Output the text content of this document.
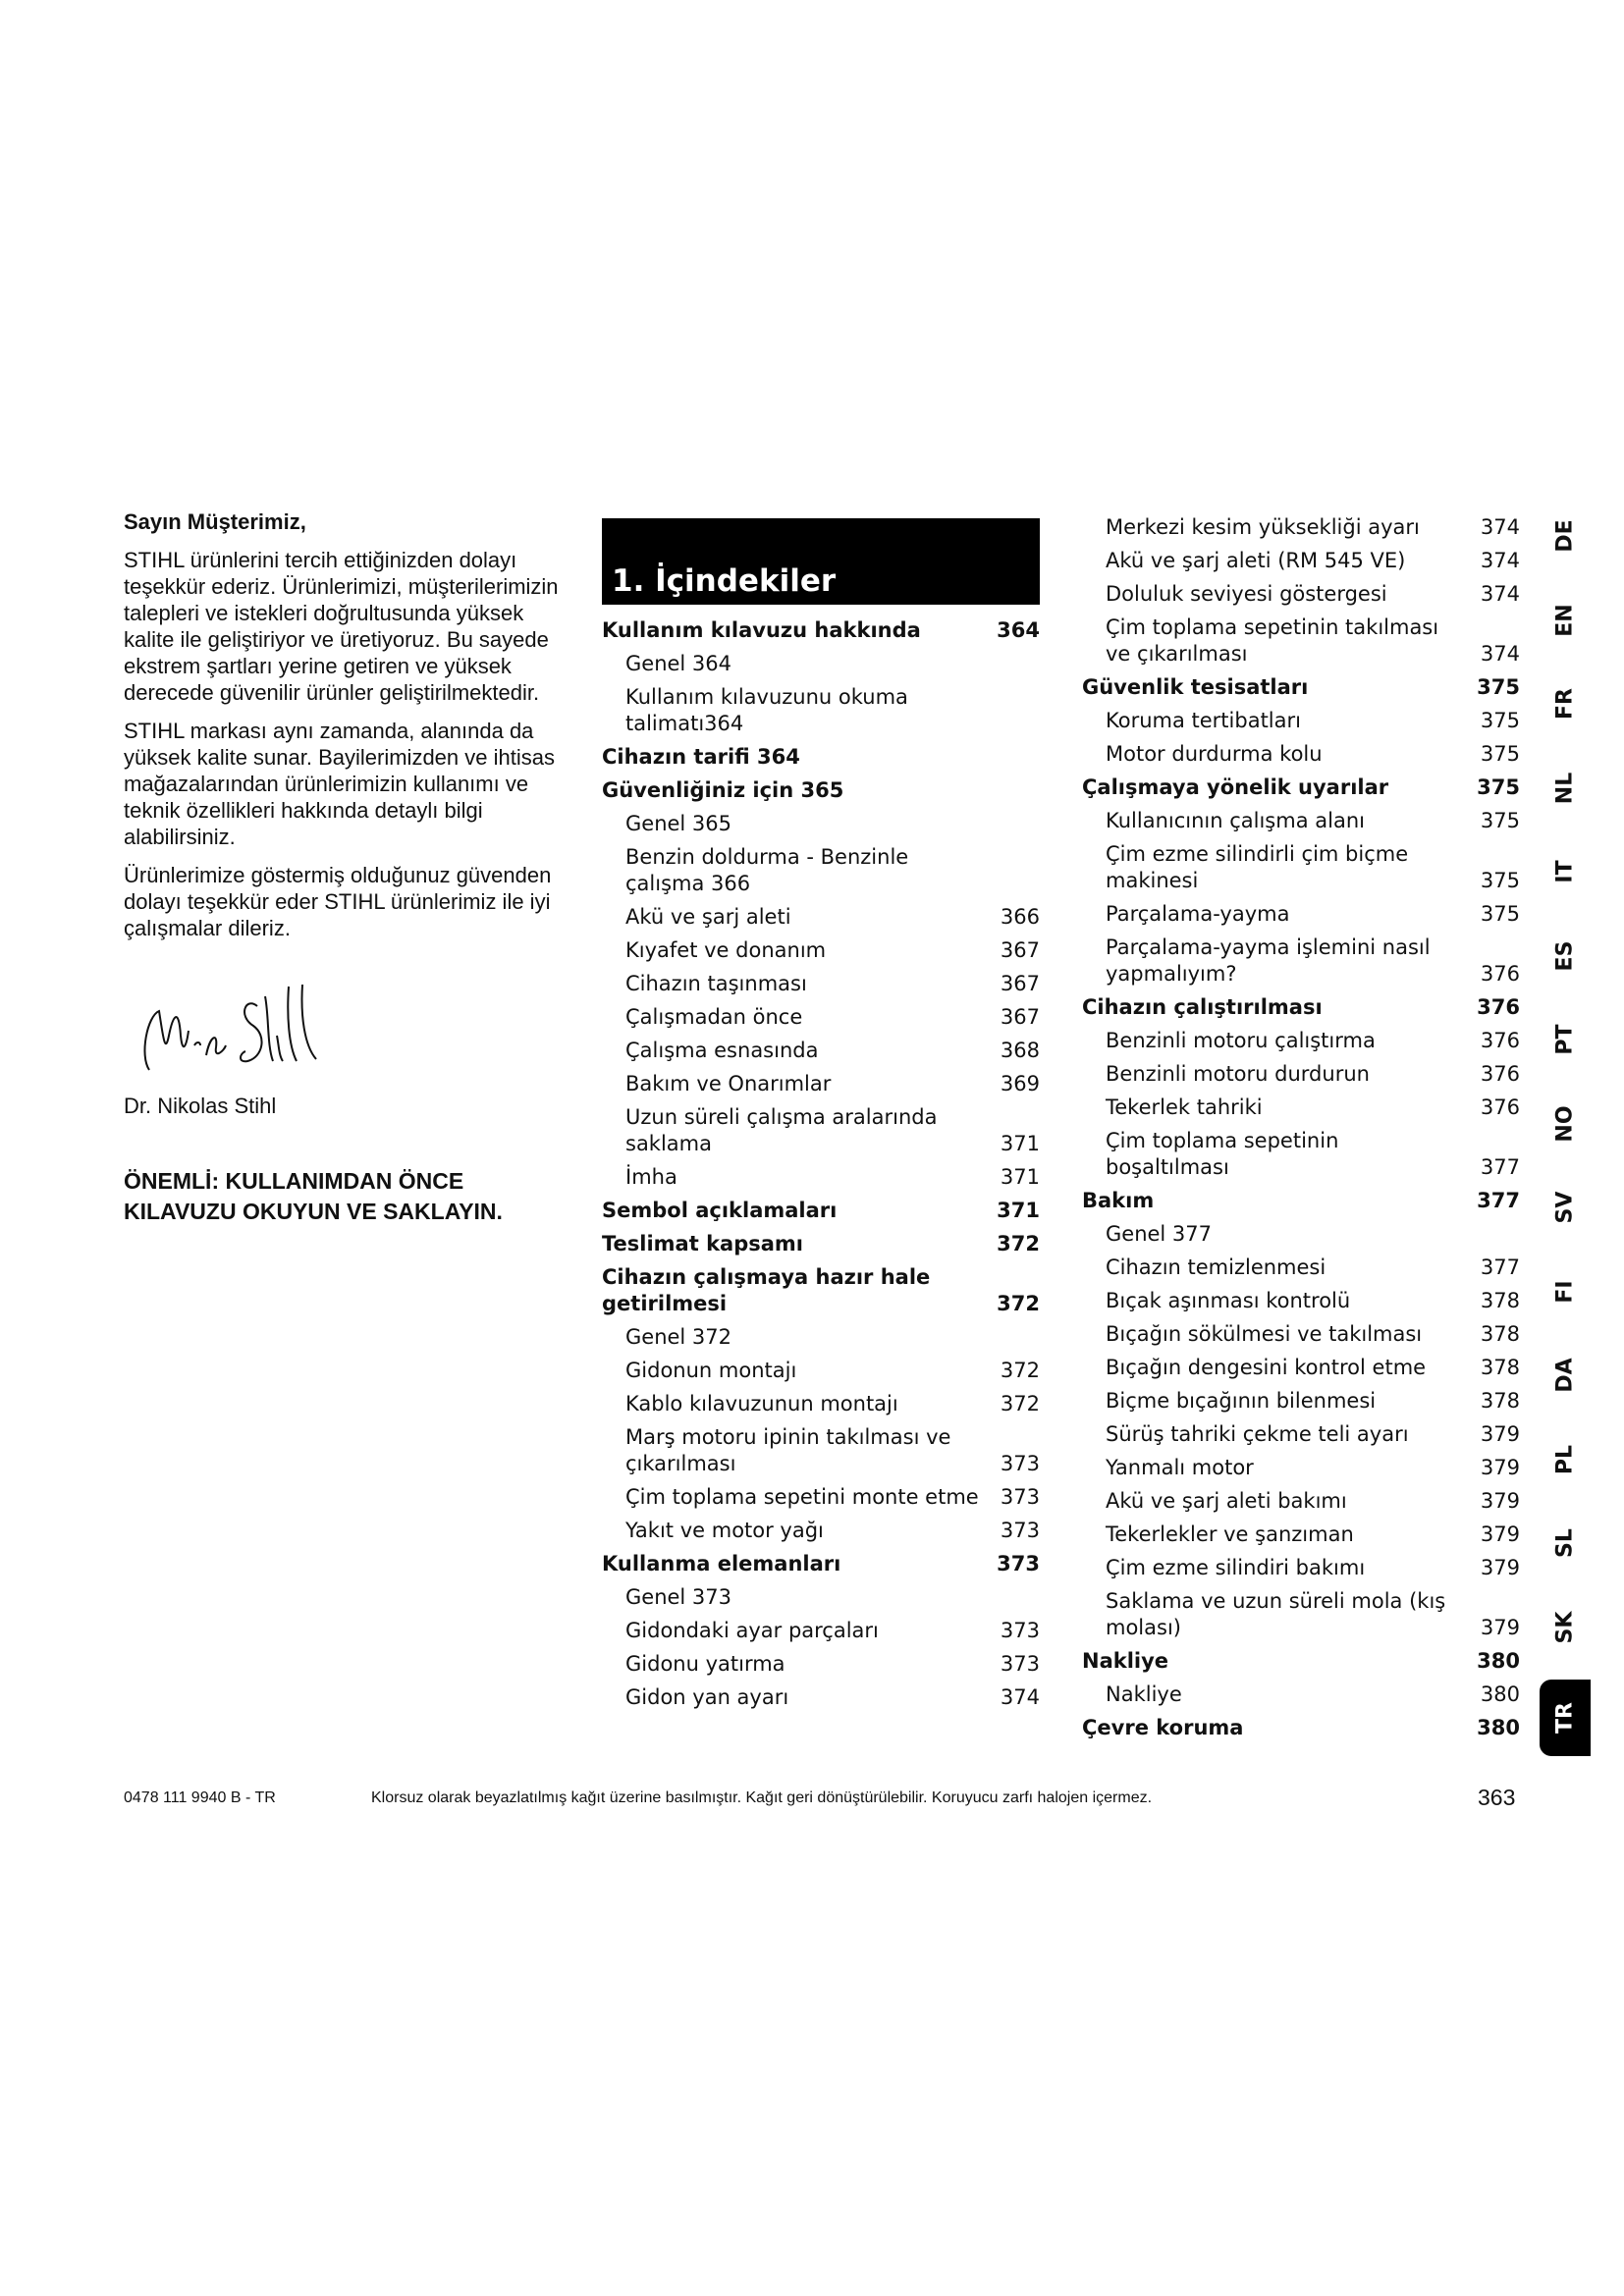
Sayın Müşterimiz,
STIHL ürünlerini tercih ettiğinizden dolayı teşekkür ederiz. Ürünlerimizi, müşterilerimizin talepleri ve istekleri doğrultusunda yüksek kalite ile geliştiriyor ve üretiyoruz. Bu sayede ekstrem şartları yerine getiren ve yüksek derecede güvenilir ürünler geliştirilmektedir.
STIHL markası aynı zamanda, alanında da yüksek kalite sunar. Bayilerimizden ve ihtisas mağazalarından ürünlerimizin kullanımı ve teknik özellikleri hakkında detaylı bilgi alabilirsiniz.
Ürünlerimize göstermiş olduğunuz güvenden dolayı teşekkür eder STIHL ürünlerimiz ile iyi çalışmalar dileriz.
Dr. Nikolas Stihl
ÖNEMLİ: KULLANIMDAN ÖNCE
KILAVUZU OKUYUN VE SAKLAYIN.
1. İçindekiler
Kullanım kılavuzu hakkında	364
Genel 364
Kullanım kılavuzunu okuma talimatı364
Cihazın tarifi 364
Güvenliğiniz için 365
Genel 365
Benzin doldurma - Benzinle çalışma 366
Akü ve şarj aleti	366
Kıyafet ve donanım	367
Cihazın taşınması	367
Çalışmadan önce	367
Çalışma esnasında	368
Bakım ve Onarımlar	369
Uzun süreli çalışma aralarında saklama	371
İmha	371
Sembol açıklamaları	371
Teslimat kapsamı	372
Cihazın çalışmaya hazır hale getirilmesi	372
Genel 372
Gidonun montajı	372
Kablo kılavuzunun montajı	372
Marş motoru ipinin takılması ve çıkarılması	373
Çim toplama sepetini monte etme	373
Yakıt ve motor yağı	373
Kullanma elemanları	373
Genel 373
Gidondaki ayar parçaları	373
Gidonu yatırma	373
Gidon yan ayarı	374
Merkezi kesim yüksekliği ayarı	374
Akü ve şarj aleti (RM 545 VE)	374
Doluluk seviyesi göstergesi	374
Çim toplama sepetinin takılması ve çıkarılması	374
Güvenlik tesisatları	375
Koruma tertibatları	375
Motor durdurma kolu	375
Çalışmaya yönelik uyarılar	375
Kullanıcının çalışma alanı	375
Çim ezme silindirli çim biçme makinesi	375
Parçalama-yayma	375
Parçalama-yayma işlemini nasıl yapmalıyım?	376
Cihazın çalıştırılması	376
Benzinli motoru çalıştırma	376
Benzinli motoru durdurun	376
Tekerlek tahriki	376
Çim toplama sepetinin boşaltılması	377
Bakım	377
Genel 377
Cihazın temizlenmesi	377
Bıçak aşınması kontrolü	378
Bıçağın sökülmesi ve takılması	378
Bıçağın dengesini kontrol etme	378
Biçme bıçağının bilenmesi	378
Sürüş tahriki çekme teli ayarı	379
Yanmalı motor	379
Akü ve şarj aleti bakımı	379
Tekerlekler ve şanzıman	379
Çim ezme silindiri bakımı	379
Saklama ve uzun süreli mola (kış molası)	379
Nakliye	380
Nakliye	380
Çevre koruma	380
DE
EN
FR
NL
IT
ES
PT
NO
SV
FI
DA
PL
SL
SK
TR
0478 111 9940 B - TR	Klorsuz olarak beyazlatılmış kağıt üzerine basılmıştır. Kağıt geri dönüştürülebilir. Koruyucu zarfı halojen içermez.	363
